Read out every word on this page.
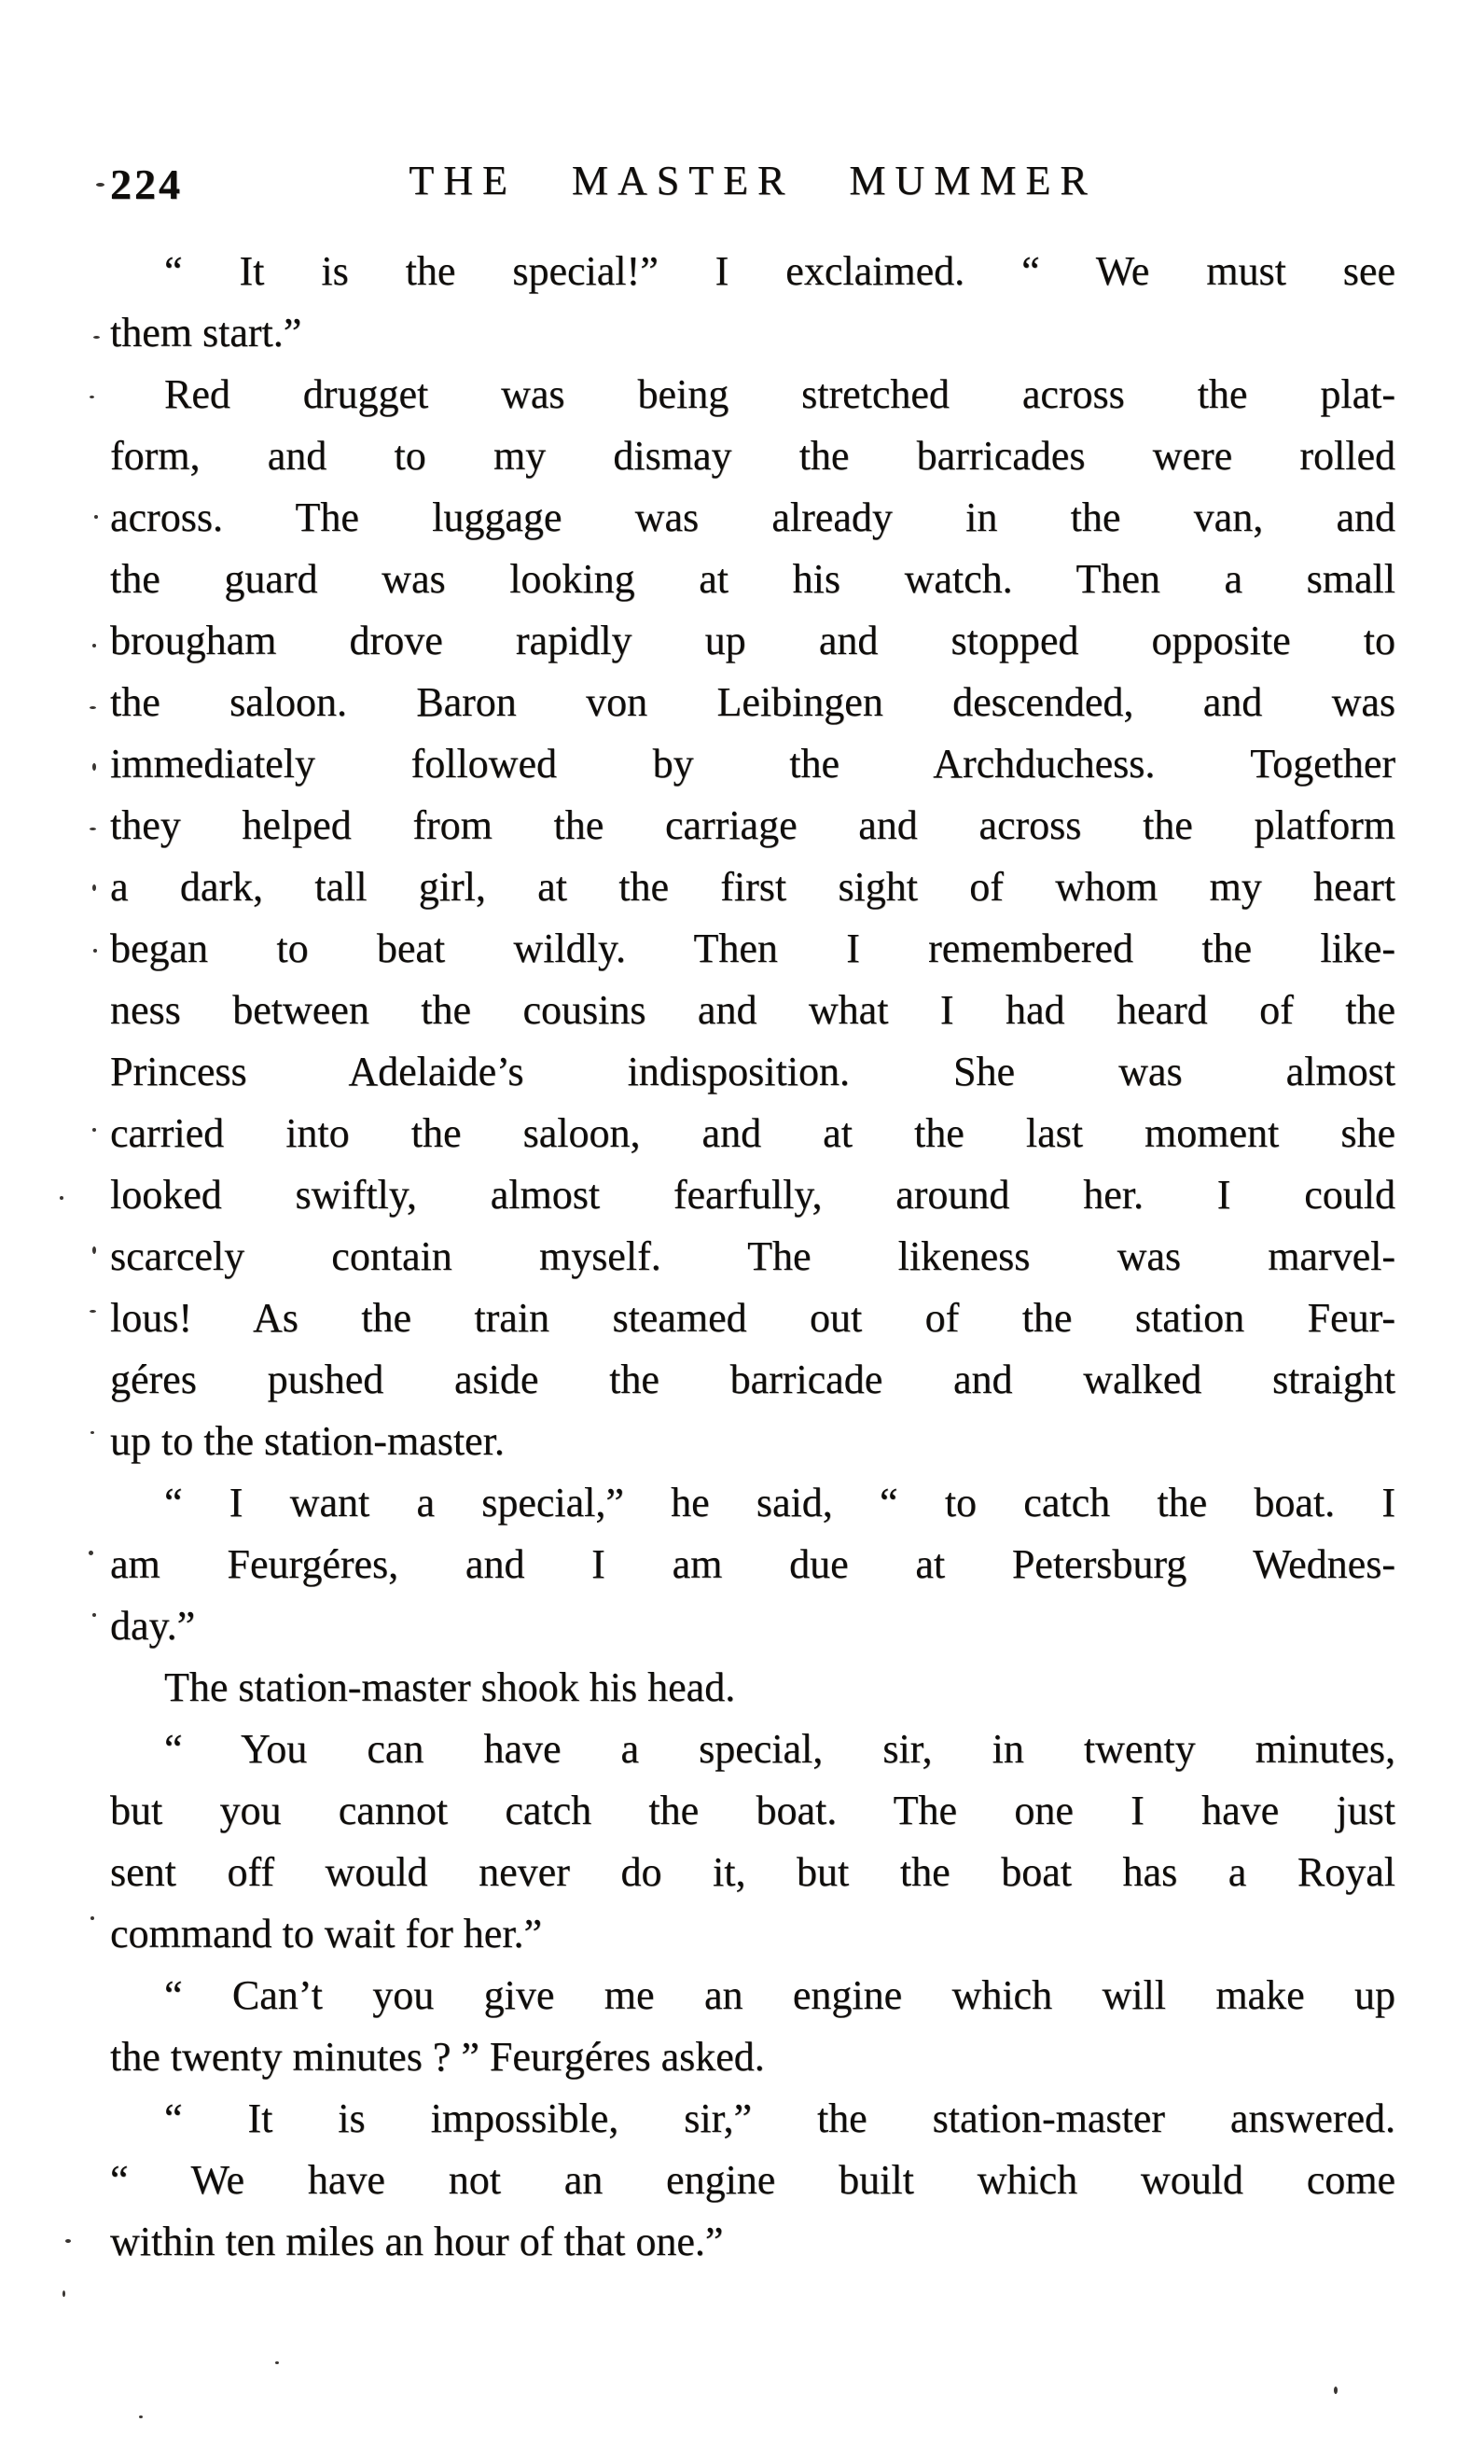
224	THE MASTER MUMMER
“ It is the special!” I exclaimed. “ We must see
them start.”
Red drugget was being stretched across the plat-
form, and to my dismay the barricades were rolled
across. The luggage was already in the van, and
the guard was looking at his watch. Then a small
brougham drove rapidly up and stopped opposite to
the saloon. Baron von Leibingen descended, and was
immediately followed by the Archduchess. Together
they helped from the carriage and across the platform
a dark, tall girl, at the first sight of whom my heart
began to beat wildly. Then I remembered the like-
ness between the cousins and what I had heard of the
Princess Adelaide’s indisposition. She was almost
carried into the saloon, and at the last moment she
looked swiftly, almost fearfully, around her. I could
scarcely contain myself. The likeness was marvel-
lous! As the train steamed out of the station Feur-
géres pushed aside the barricade and walked straight
up to the station-master.
“ I want a special,” he said, “ to catch the boat. I
am Feurgéres, and I am due at Petersburg Wednes-
day.”
The station-master shook his head.
“ You can have a special, sir, in twenty minutes,
but you cannot catch the boat. The one I have just
sent off would never do it, but the boat has a Royal
command to wait for her.”
“ Can’t you give me an engine which will make up
the twenty minutes ? ” Feurgéres asked.
“ It is impossible, sir,” the station-master answered.
“ We have not an engine built which would come
within ten miles an hour of that one.”
